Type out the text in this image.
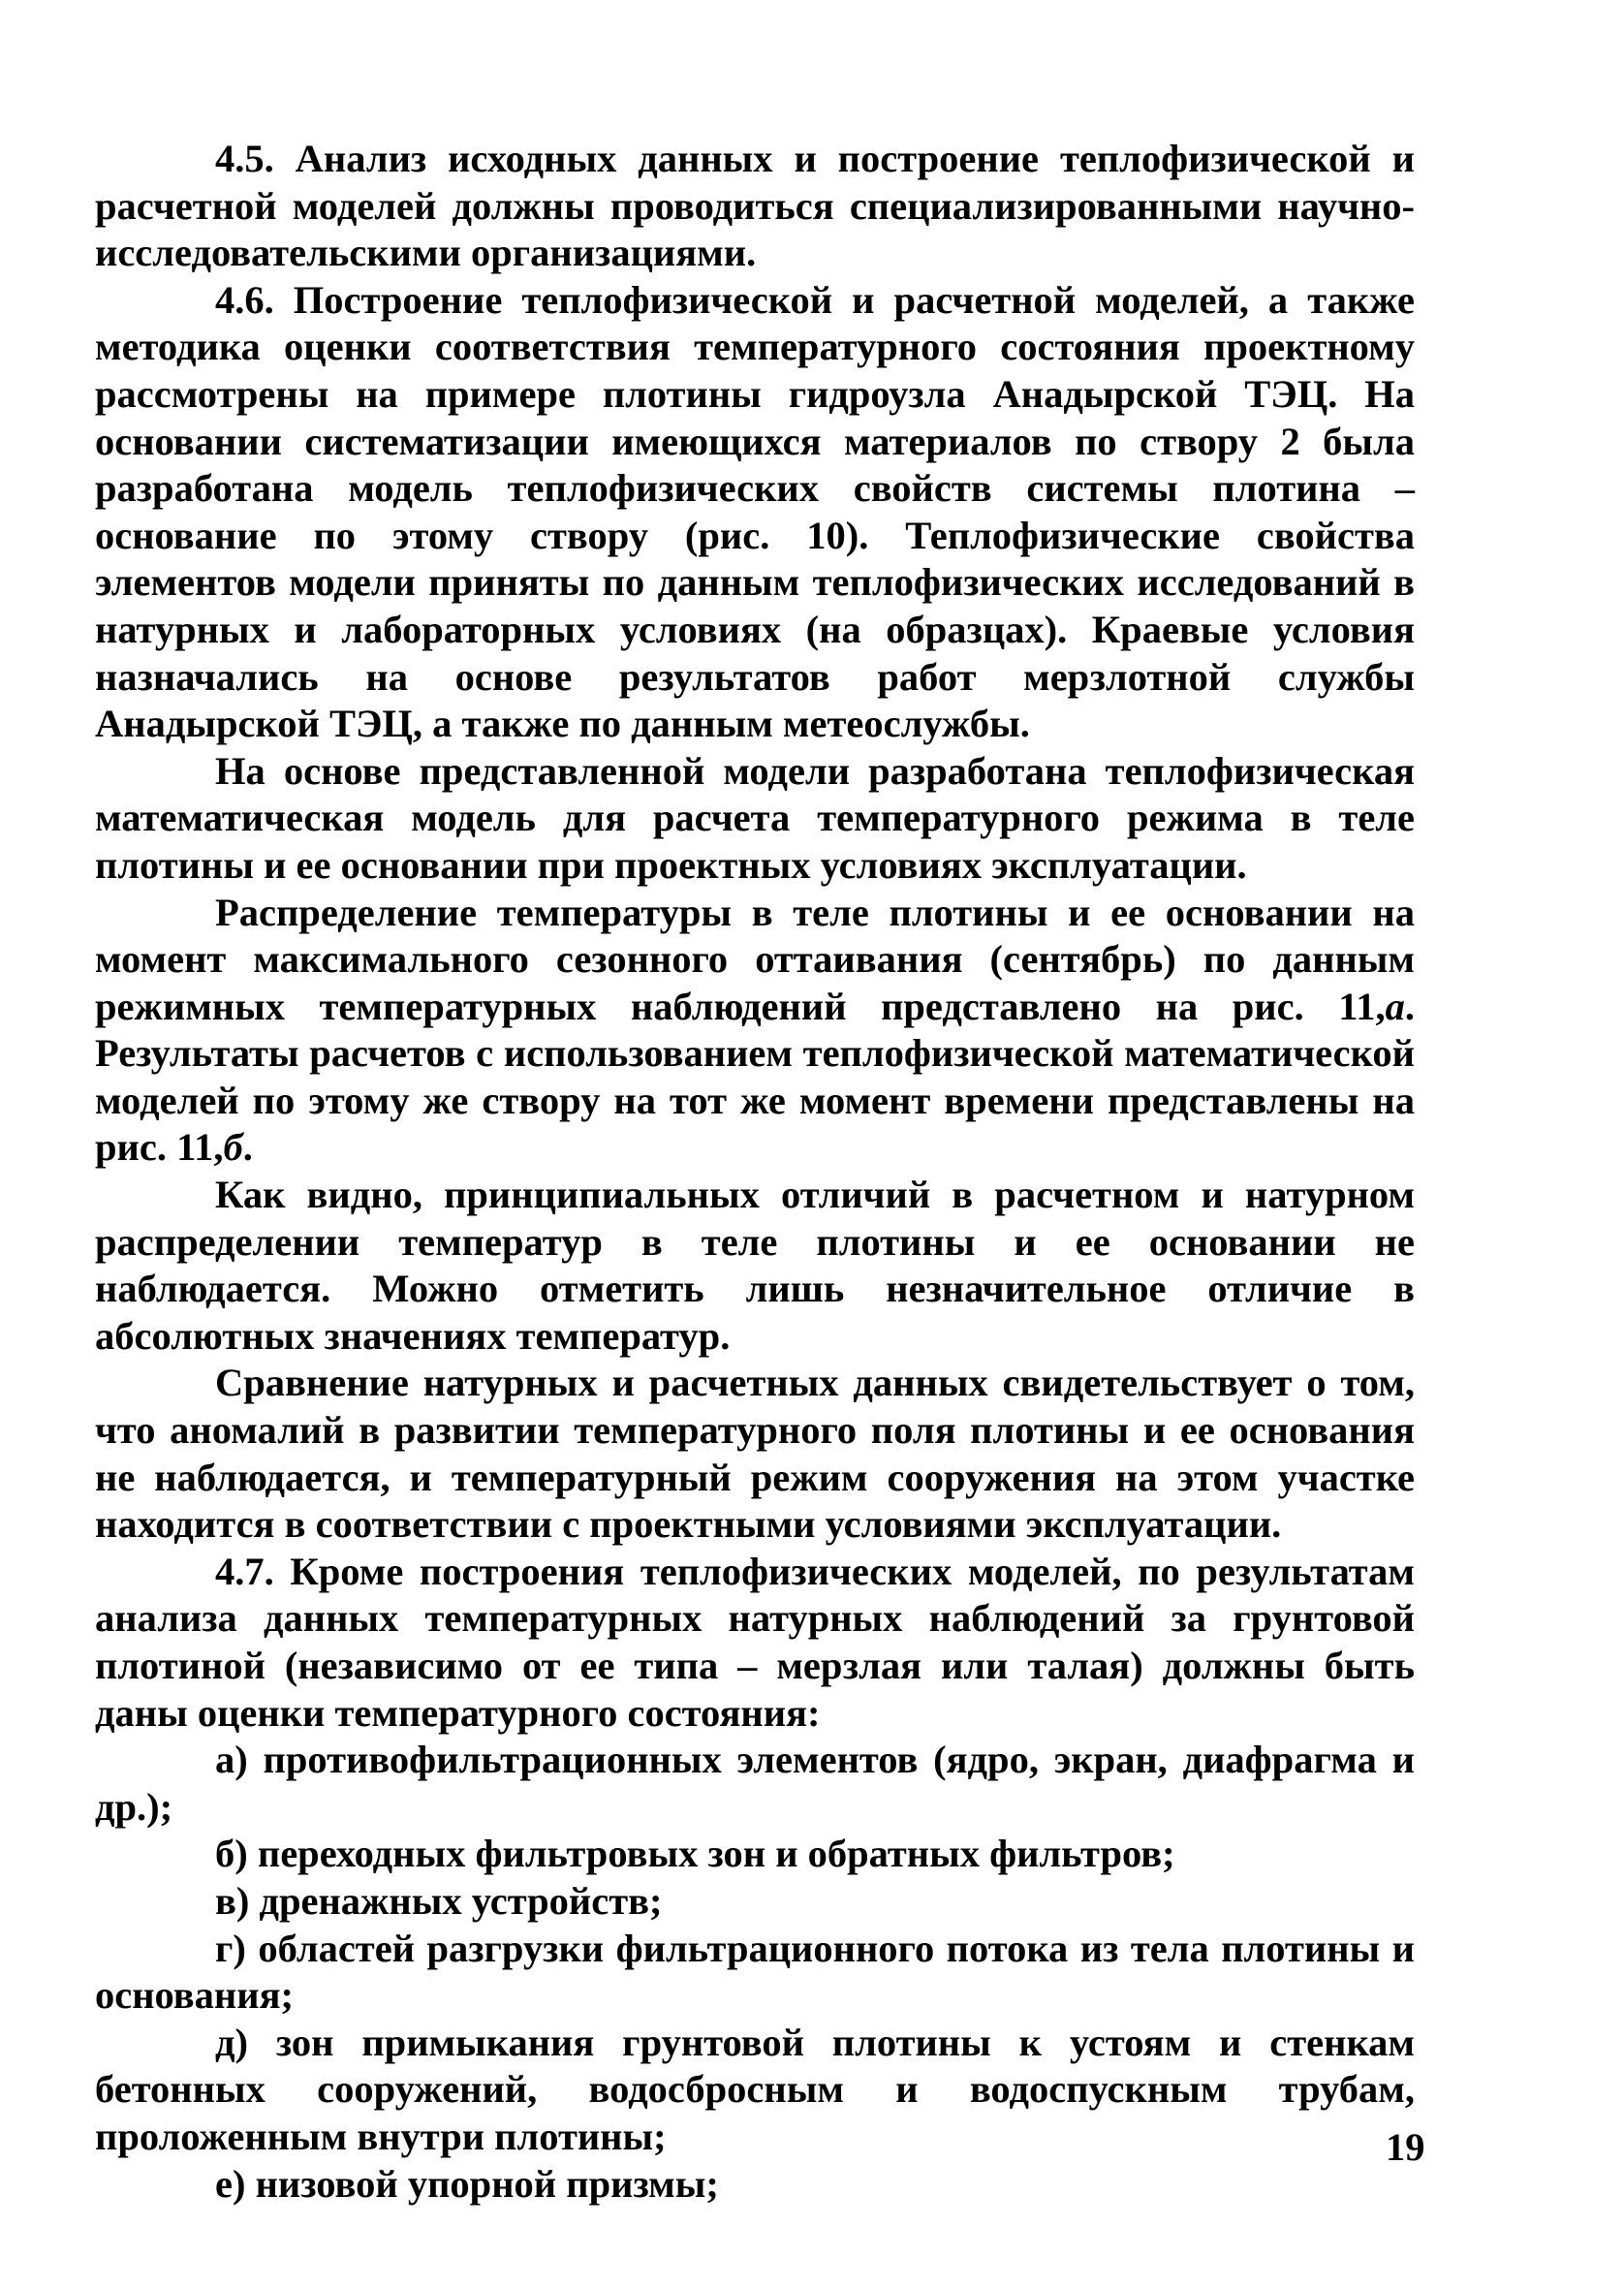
4.5. Анализ исходных данных и построение теплофизической и расчетной моделей должны проводиться специализированными научно-исследовательскими организациями.

4.6. Построение теплофизической и расчетной моделей, а также методика оценки соответствия температурного состояния проектному рассмотрены на примере плотины гидроузла Анадырской ТЭЦ. На основании систематизации имеющихся материалов по створу 2 была разработана модель теплофизических свойств системы плотина – основание по этому створу (рис. 10). Теплофизические свойства элементов модели приняты по данным теплофизических исследований в натурных и лабораторных условиях (на образцах). Краевые условия назначались на основе результатов работ мерзлотной службы Анадырской ТЭЦ, а также по данным метеослужбы.

На основе представленной модели разработана теплофизическая математическая модель для расчета температурного режима в теле плотины и ее основании при проектных условиях эксплуатации.

Распределение температуры в теле плотины и ее основании на момент максимального сезонного оттаивания (сентябрь) по данным режимных температурных наблюдений представлено на рис. 11,а. Результаты расчетов с использованием теплофизической математической моделей по этому же створу на тот же момент времени представлены на рис. 11,б.

Как видно, принципиальных отличий в расчетном и натурном распределении температур в теле плотины и ее основании не наблюдается. Можно отметить лишь незначительное отличие в абсолютных значениях температур.

Сравнение натурных и расчетных данных свидетельствует о том, что аномалий в развитии температурного поля плотины и ее основания не наблюдается, и температурный режим сооружения на этом участке находится в соответствии с проектными условиями эксплуатации.

4.7. Кроме построения теплофизических моделей, по результатам анализа данных температурных натурных наблюдений за грунтовой плотиной (независимо от ее типа – мерзлая или талая) должны быть даны оценки температурного состояния:

а) противофильтрационных элементов (ядро, экран, диафрагма и др.);

б) переходных фильтровых зон и обратных фильтров;

в) дренажных устройств;

г) областей разгрузки фильтрационного потока из тела плотины и основания;

д) зон примыкания грунтовой плотины к устоям и стенкам бетонных сооружений, водосбросным и водоспускным трубам, проложенным внутри плотины;

е) низовой упорной призмы;

19
